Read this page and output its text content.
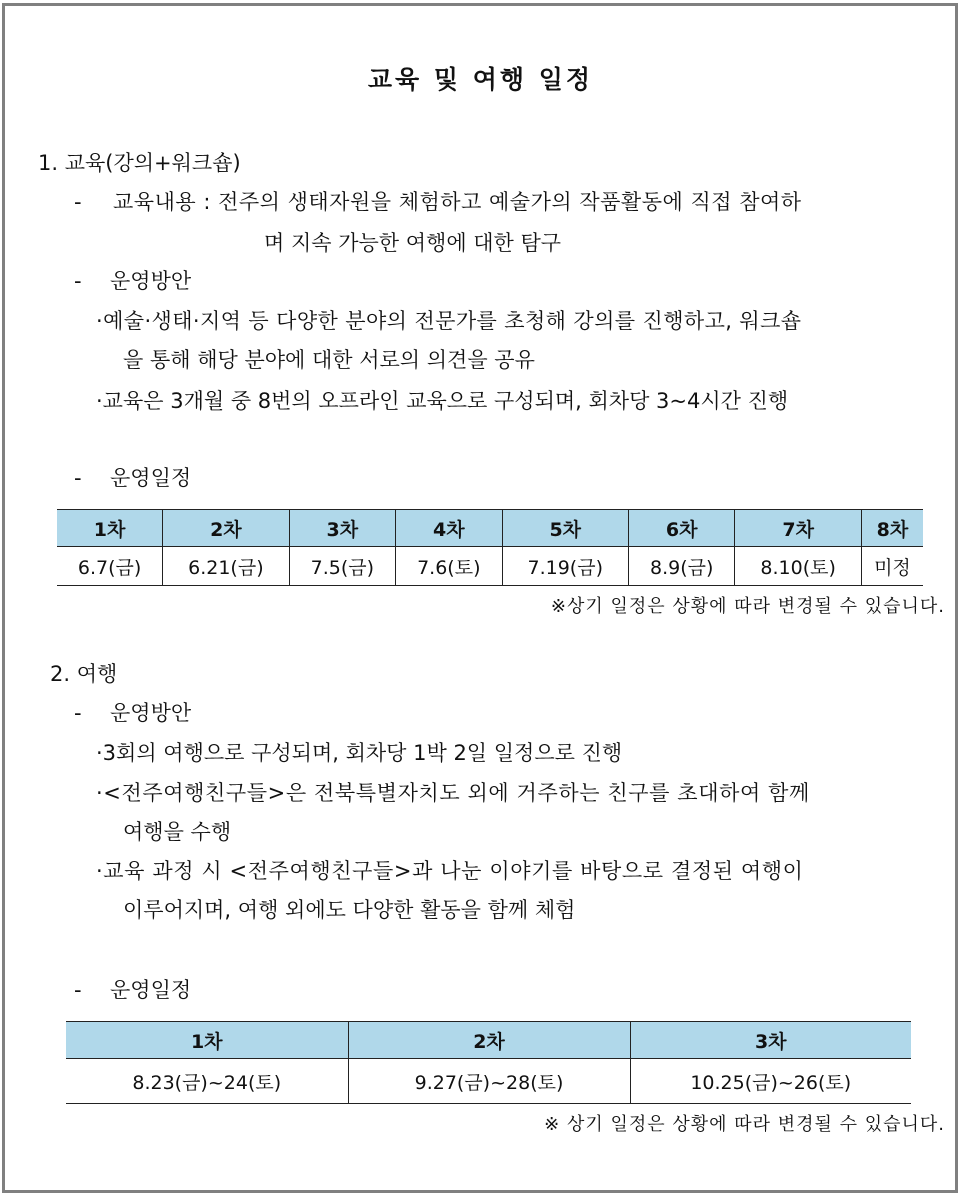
교육 및 여행 일정
1. 교육(강의+워크숍)
- 교육내용 : 전주의 생태자원을 체험하고 예술가의 작품활동에 직접 참여하
며 지속 가능한 여행에 대한 탐구
- 운영방안
·예술·생태·지역 등 다양한 분야의 전문가를 초청해 강의를 진행하고, 워크숍
을 통해 해당 분야에 대한 서로의 의견을 공유
·교육은 3개월 중 8번의 오프라인 교육으로 구성되며, 회차당 3~4시간 진행
- 운영일정
1차	2차	3차	4차	5차	6차	7차	8차
6.7(금)	6.21(금)	7.5(금)	7.6(토)	7.19(금)	8.9(금)	8.10(토)	미정
※상기 일정은 상황에 따라 변경될 수 있습니다.
2. 여행
- 운영방안
·3회의 여행으로 구성되며, 회차당 1박 2일 일정으로 진행
·<전주여행친구들>은 전북특별자치도 외에 거주하는 친구를 초대하여 함께
여행을 수행
·교육 과정 시 <전주여행친구들>과 나눈 이야기를 바탕으로 결정된 여행이
이루어지며, 여행 외에도 다양한 활동을 함께 체험
- 운영일정
1차	2차	3차
8.23(금)~24(토)	9.27(금)~28(토)	10.25(금)~26(토)
※ 상기 일정은 상황에 따라 변경될 수 있습니다.
